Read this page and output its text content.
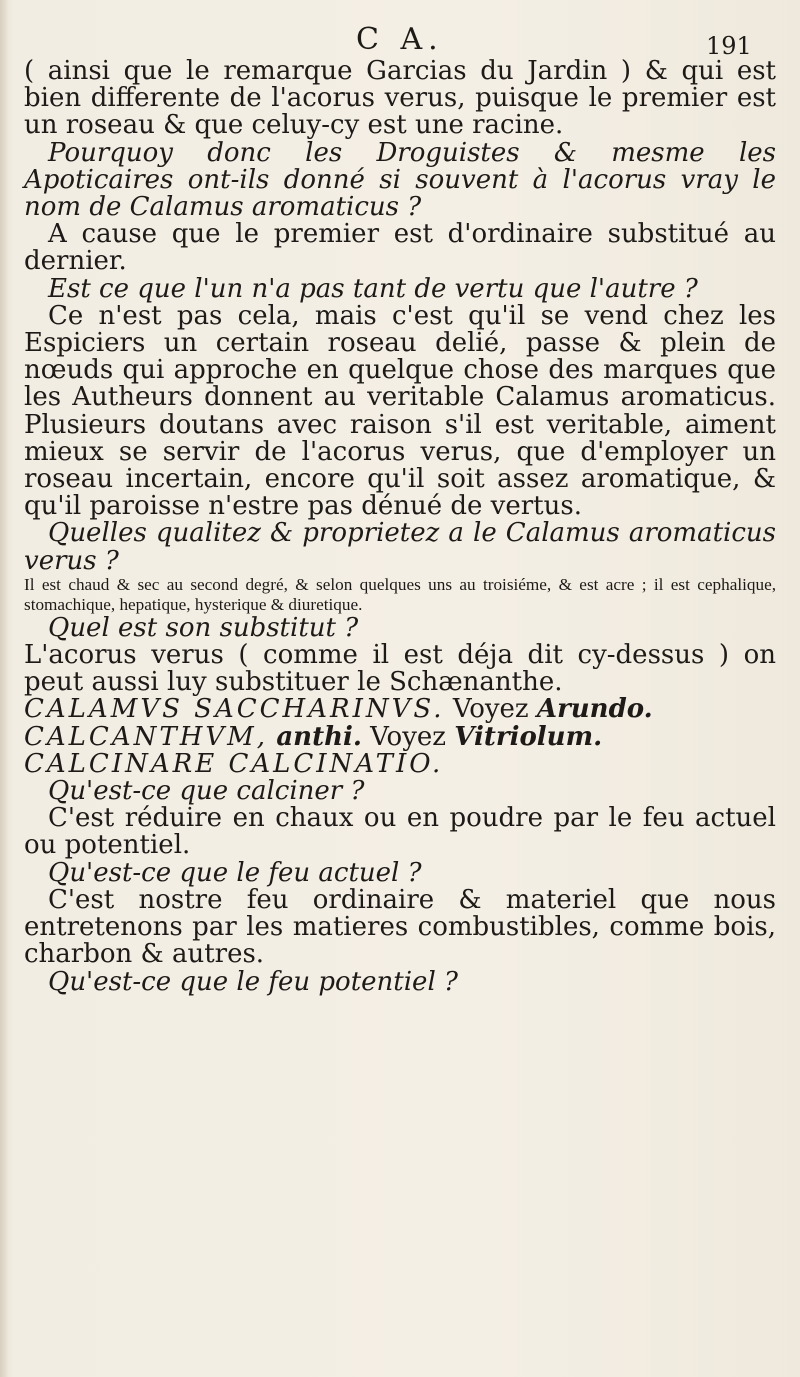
C A.	191

( ainsi que le remarque Garcias du Jardin ) & qui est bien differente de l'acorus verus, puisque le premier est un roseau & que celuy-cy est une racine.

Pourquoy donc les Droguistes & mesme les Apoticaires ont-ils donné si souvent à l'acorus vray le nom de Calamus aromaticus ?

A cause que le premier est d'ordinaire substitué au dernier.

Est ce que l'un n'a pas tant de vertu que l'autre ?

Ce n'est pas cela, mais c'est qu'il se vend chez les Espiciers un certain roseau delié, passe & plein de nœuds qui approche en quelque chose des marques que les Autheurs donnent au veritable Calamus aromaticus. Plusieurs doutans avec raison s'il est veritable, aiment mieux se servir de l'acorus verus, que d'employer un roseau incertain, encore qu'il soit assez aromatique, & qu'il paroisse n'estre pas dénué de vertus.

Quelles qualitez & proprietez a le Calamus aromaticus verus ?

Il est chaud & sec au second degré, & selon quelques uns au troisiéme, & est acre ; il est cephalique, stomachique, hepatique, hysterique & diuretique.

Quel est son substitut ?

L'acorus verus ( comme il est déja dit cy-dessus ) on peut aussi luy substituer le Schænanthe.

CALAMVS SACCHARINVS. Voyez Arundo.

CALCANTHVM, anthi. Voyez Vitriolum.

CALCINARE CALCINATIO.

Qu'est-ce que calciner ?

C'est réduire en chaux ou en poudre par le feu actuel ou potentiel.

Qu'est-ce que le feu actuel ?

C'est nostre feu ordinaire & materiel que nous entretenons par les matieres combustibles, comme bois, charbon & autres.

Qu'est-ce que le feu potentiel ?
